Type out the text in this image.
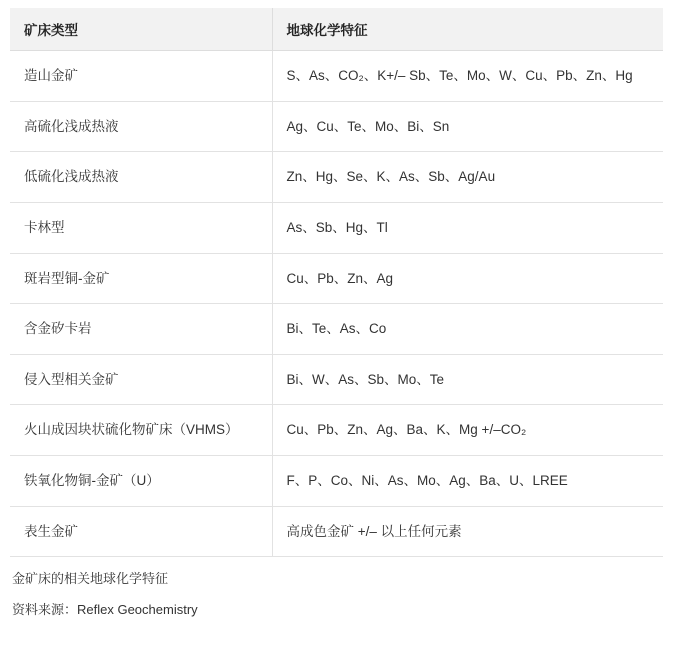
矿床类型	地球化学特征
造山金矿	S、As、CO₂、K+/– Sb、Te、Mo、W、Cu、Pb、Zn、Hg
高硫化浅成热液	Ag、Cu、Te、Mo、Bi、Sn
低硫化浅成热液	Zn、Hg、Se、K、As、Sb、Ag/Au
卡林型	As、Sb、Hg、Tl
斑岩型铜-金矿	Cu、Pb、Zn、Ag
含金矽卡岩	Bi、Te、As、Co
侵入型相关金矿	Bi、W、As、Sb、Mo、Te
火山成因块状硫化物矿床（VHMS）	Cu、Pb、Zn、Ag、Ba、K、Mg +/–CO₂
铁氧化物铜-金矿（U）	F、P、Co、Ni、As、Mo、Ag、Ba、U、LREE
表生金矿	高成色金矿 +/– 以上任何元素
金矿床的相关地球化学特征
资料来源：Reflex Geochemistry
